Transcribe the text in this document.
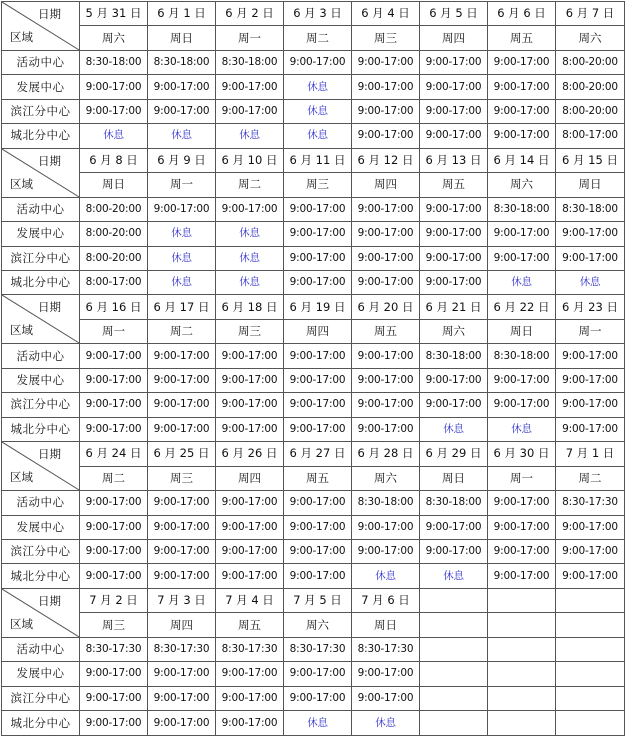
日期
区域	5 月 31 日	6 月 1 日	6 月 2 日	6 月 3 日	6 月 4 日	6 月 5 日	6 月 6 日	6 月 7 日
	周六	周日	周一	周二	周三	周四	周五	周六
活动中心	8:30-18:00	8:30-18:00	8:30-18:00	9:00-17:00	9:00-17:00	9:00-17:00	9:00-17:00	8:00-20:00
发展中心	9:00-17:00	9:00-17:00	9:00-17:00	休息	9:00-17:00	9:00-17:00	9:00-17:00	8:00-20:00
滨江分中心	9:00-17:00	9:00-17:00	9:00-17:00	休息	9:00-17:00	9:00-17:00	9:00-17:00	8:00-20:00
城北分中心	休息	休息	休息	休息	9:00-17:00	9:00-17:00	9:00-17:00	8:00-17:00

日期
区域	6 月 8 日	6 月 9 日	6 月 10 日	6 月 11 日	6 月 12 日	6 月 13 日	6 月 14 日	6 月 15 日
	周日	周一	周二	周三	周四	周五	周六	周日
活动中心	8:00-20:00	9:00-17:00	9:00-17:00	9:00-17:00	9:00-17:00	9:00-17:00	8:30-18:00	8:30-18:00
发展中心	8:00-20:00	休息	休息	9:00-17:00	9:00-17:00	9:00-17:00	9:00-17:00	9:00-17:00
滨江分中心	8:00-20:00	休息	休息	9:00-17:00	9:00-17:00	9:00-17:00	9:00-17:00	9:00-17:00
城北分中心	8:00-17:00	休息	休息	9:00-17:00	9:00-17:00	9:00-17:00	休息	休息

日期
区域	6 月 16 日	6 月 17 日	6 月 18 日	6 月 19 日	6 月 20 日	6 月 21 日	6 月 22 日	6 月 23 日
	周一	周二	周三	周四	周五	周六	周日	周一
活动中心	9:00-17:00	9:00-17:00	9:00-17:00	9:00-17:00	9:00-17:00	8:30-18:00	8:30-18:00	9:00-17:00
发展中心	9:00-17:00	9:00-17:00	9:00-17:00	9:00-17:00	9:00-17:00	9:00-17:00	9:00-17:00	9:00-17:00
滨江分中心	9:00-17:00	9:00-17:00	9:00-17:00	9:00-17:00	9:00-17:00	9:00-17:00	9:00-17:00	9:00-17:00
城北分中心	9:00-17:00	9:00-17:00	9:00-17:00	9:00-17:00	9:00-17:00	休息	休息	9:00-17:00

日期
区域	6 月 24 日	6 月 25 日	6 月 26 日	6 月 27 日	6 月 28 日	6 月 29 日	6 月 30 日	7 月 1 日
	周二	周三	周四	周五	周六	周日	周一	周二
活动中心	9:00-17:00	9:00-17:00	9:00-17:00	9:00-17:00	8:30-18:00	8:30-18:00	9:00-17:00	8:30-17:30
发展中心	9:00-17:00	9:00-17:00	9:00-17:00	9:00-17:00	9:00-17:00	9:00-17:00	9:00-17:00	9:00-17:00
滨江分中心	9:00-17:00	9:00-17:00	9:00-17:00	9:00-17:00	9:00-17:00	9:00-17:00	9:00-17:00	9:00-17:00
城北分中心	9:00-17:00	9:00-17:00	9:00-17:00	9:00-17:00	休息	休息	9:00-17:00	9:00-17:00

日期
区域	7 月 2 日	7 月 3 日	7 月 4 日	7 月 5 日	7 月 6 日			
	周三	周四	周五	周六	周日			
活动中心	8:30-17:30	8:30-17:30	8:30-17:30	8:30-17:30	8:30-17:30			
发展中心	9:00-17:00	9:00-17:00	9:00-17:00	9:00-17:00	9:00-17:00			
滨江分中心	9:00-17:00	9:00-17:00	9:00-17:00	9:00-17:00	9:00-17:00			
城北分中心	9:00-17:00	9:00-17:00	9:00-17:00	休息	休息			
